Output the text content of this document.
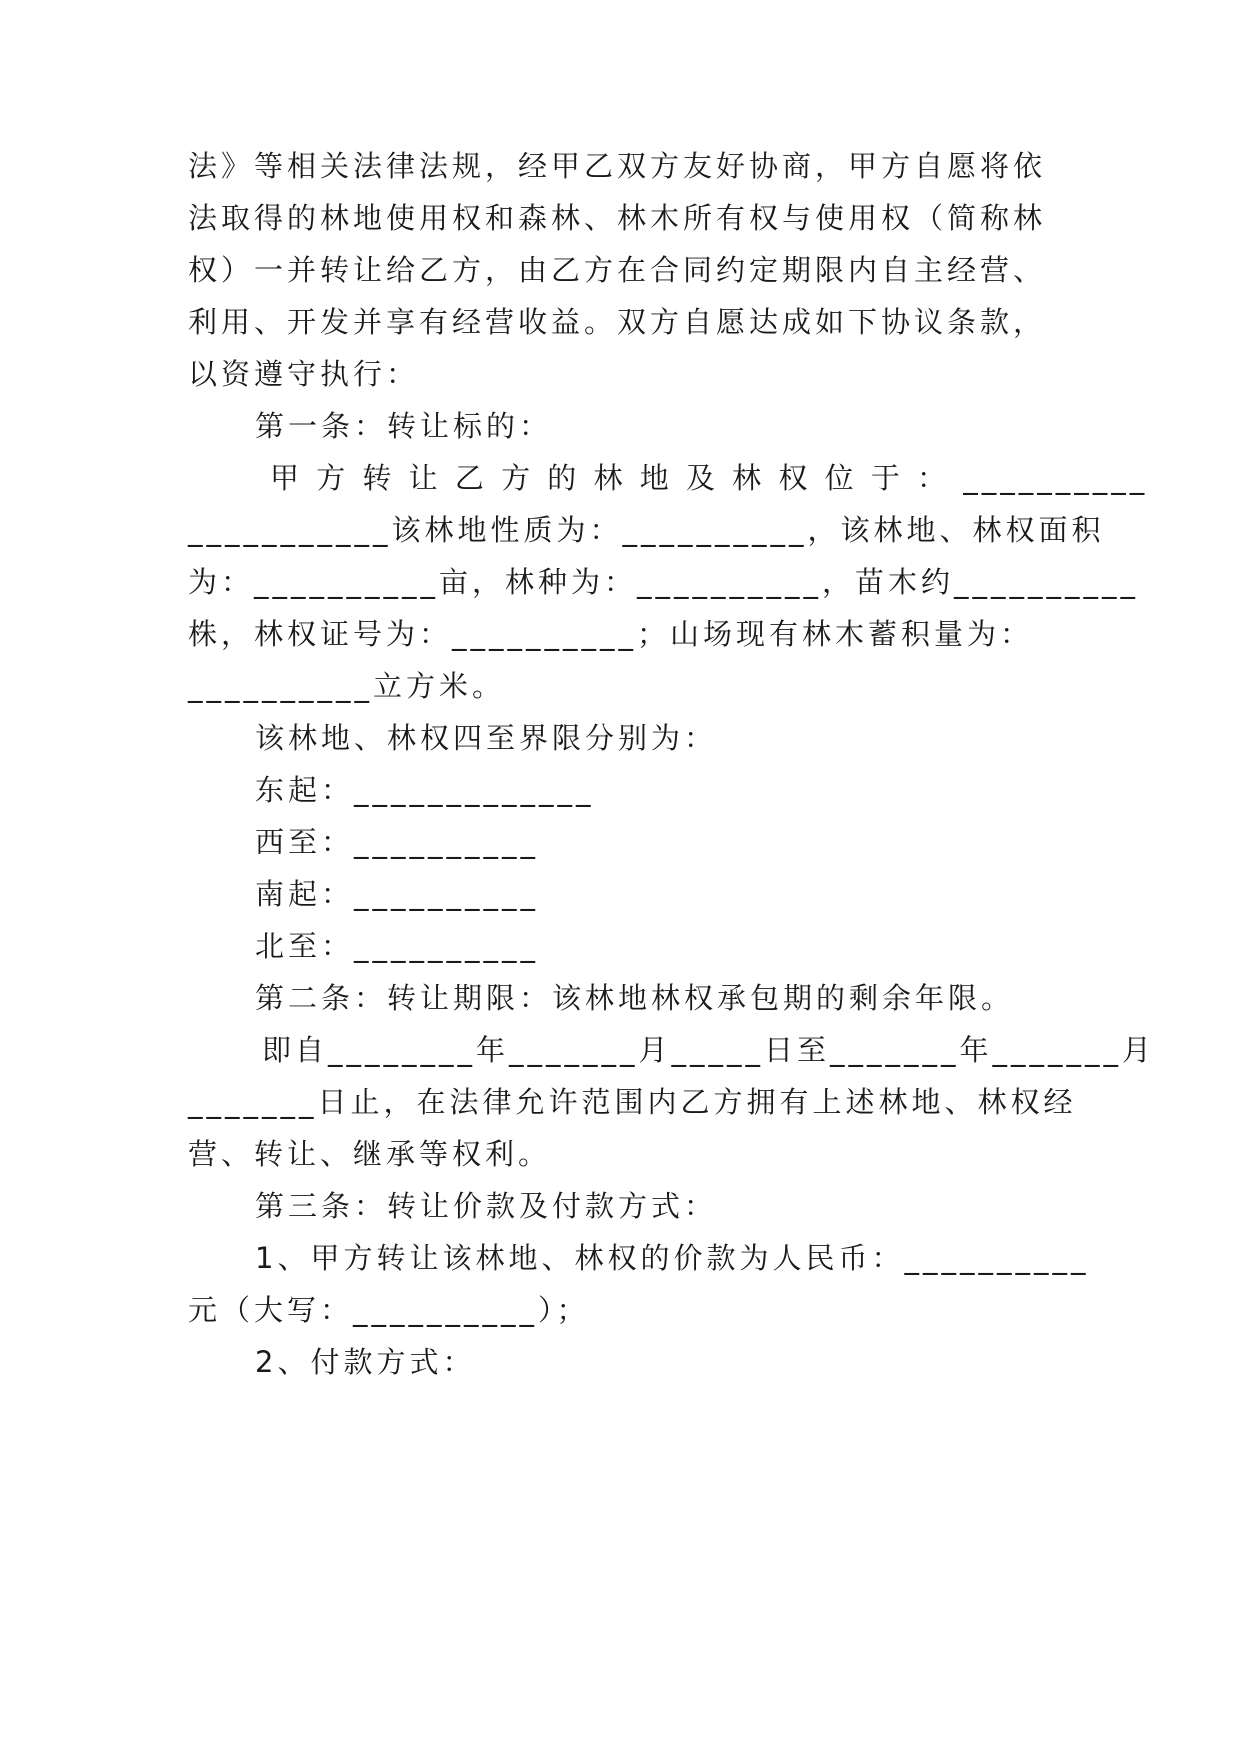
法》等相关法律法规，经甲乙双方友好协商，甲方自愿将依
法取得的林地使用权和森林、林木所有权与使用权（简称林
权）一并转让给乙方，由乙方在合同约定期限内自主经营、
利用、开发并享有经营收益。双方自愿达成如下协议条款，
以资遵守执行：
第一条：转让标的：
甲 方 转 让 乙 方 的 林 地 及 林 权 位 于 ： __________
___________该林地性质为：__________，该林地、林权面积
为：__________亩，林种为：__________，苗木约__________
株，林权证号为：__________；山场现有林木蓄积量为：
__________立方米。
该林地、林权四至界限分别为：
东起：_____________
西至：__________
南起：__________
北至：__________
第二条：转让期限：该林地林权承包期的剩余年限。
即自________年_______月_____日至_______年_______月
_______日止，在法律允许范围内乙方拥有上述林地、林权经
营、转让、继承等权利。
第三条：转让价款及付款方式：
1、甲方转让该林地、林权的价款为人民币：__________
元（大写：__________）；
2、付款方式：
